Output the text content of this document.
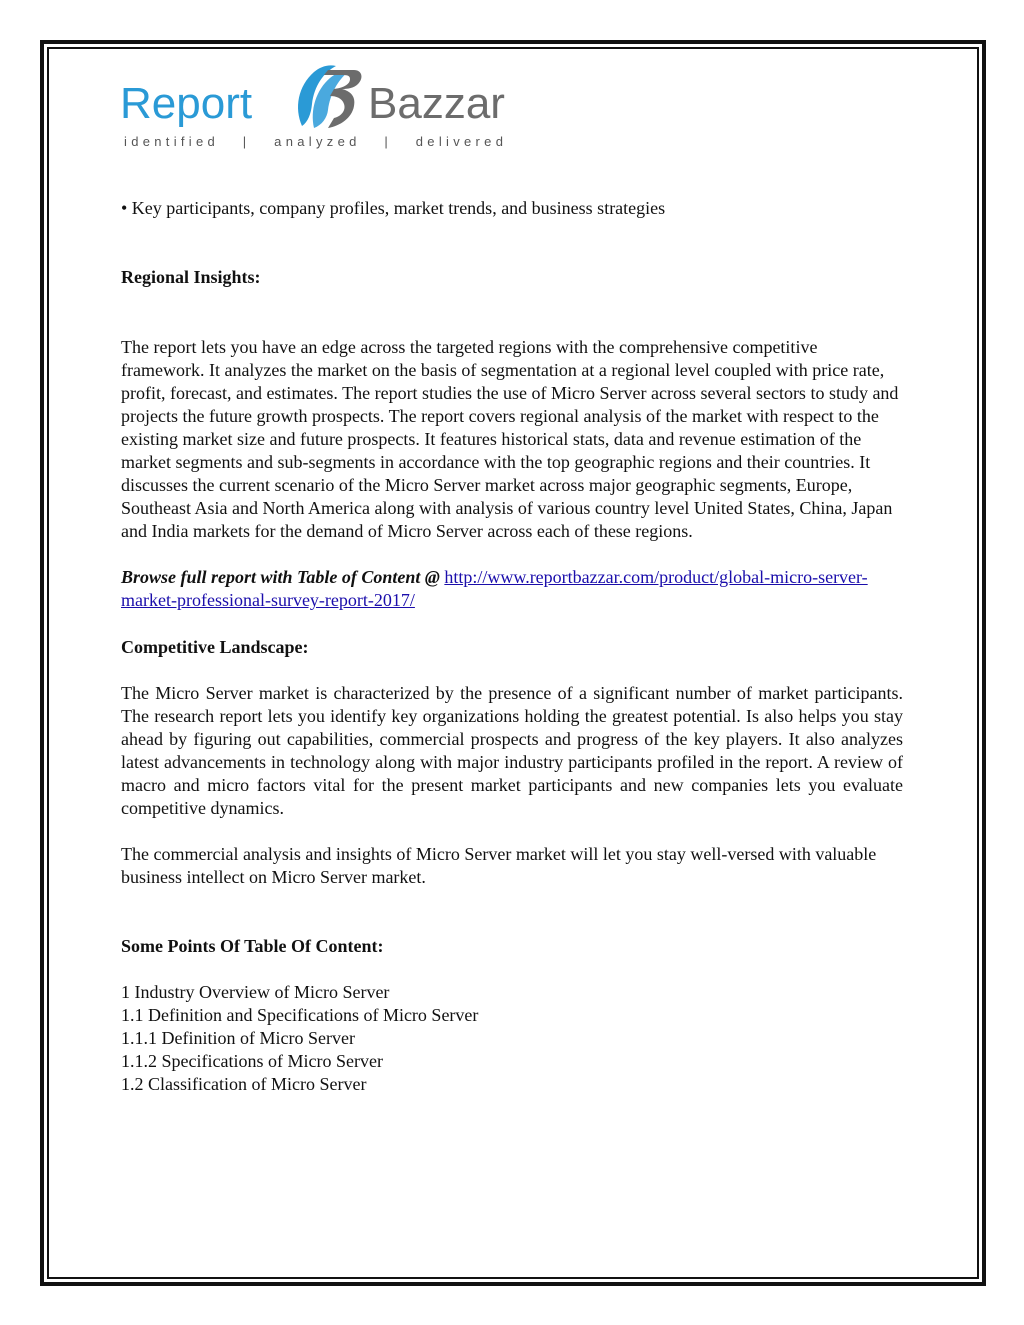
Report	Bazzar
identified   |   analyzed   |   delivered

• Key participants, company profiles, market trends, and business strategies

Regional Insights:

The report lets you have an edge across the targeted regions with the comprehensive competitive framework. It analyzes the market on the basis of segmentation at a regional level coupled with price rate, profit, forecast, and estimates. The report studies the use of Micro Server across several sectors to study and projects the future growth prospects. The report covers regional analysis of the market with respect to the existing market size and future prospects. It features historical stats, data and revenue estimation of the market segments and sub-segments in accordance with the top geographic regions and their countries. It discusses the current scenario of the Micro Server market across major geographic segments, Europe, Southeast Asia and North America along with analysis of various country level United States, China, Japan and India markets for the demand of Micro Server across each of these regions.

Browse full report with Table of Content @ http://www.reportbazzar.com/product/global-micro-server-market-professional-survey-report-2017/

Competitive Landscape:

The Micro Server market is characterized by the presence of a significant number of market participants. The research report lets you identify key organizations holding the greatest potential. Is also helps you stay ahead by figuring out capabilities, commercial prospects and progress of the key players. It also analyzes latest advancements in technology along with major industry participants profiled in the report. A review of macro and micro factors vital for the present market participants and new companies lets you evaluate competitive dynamics.

The commercial analysis and insights of Micro Server market will let you stay well-versed with valuable business intellect on Micro Server market.

Some Points Of Table Of Content:

1 Industry Overview of Micro Server
1.1 Definition and Specifications of Micro Server
1.1.1 Definition of Micro Server
1.1.2 Specifications of Micro Server
1.2 Classification of Micro Server
